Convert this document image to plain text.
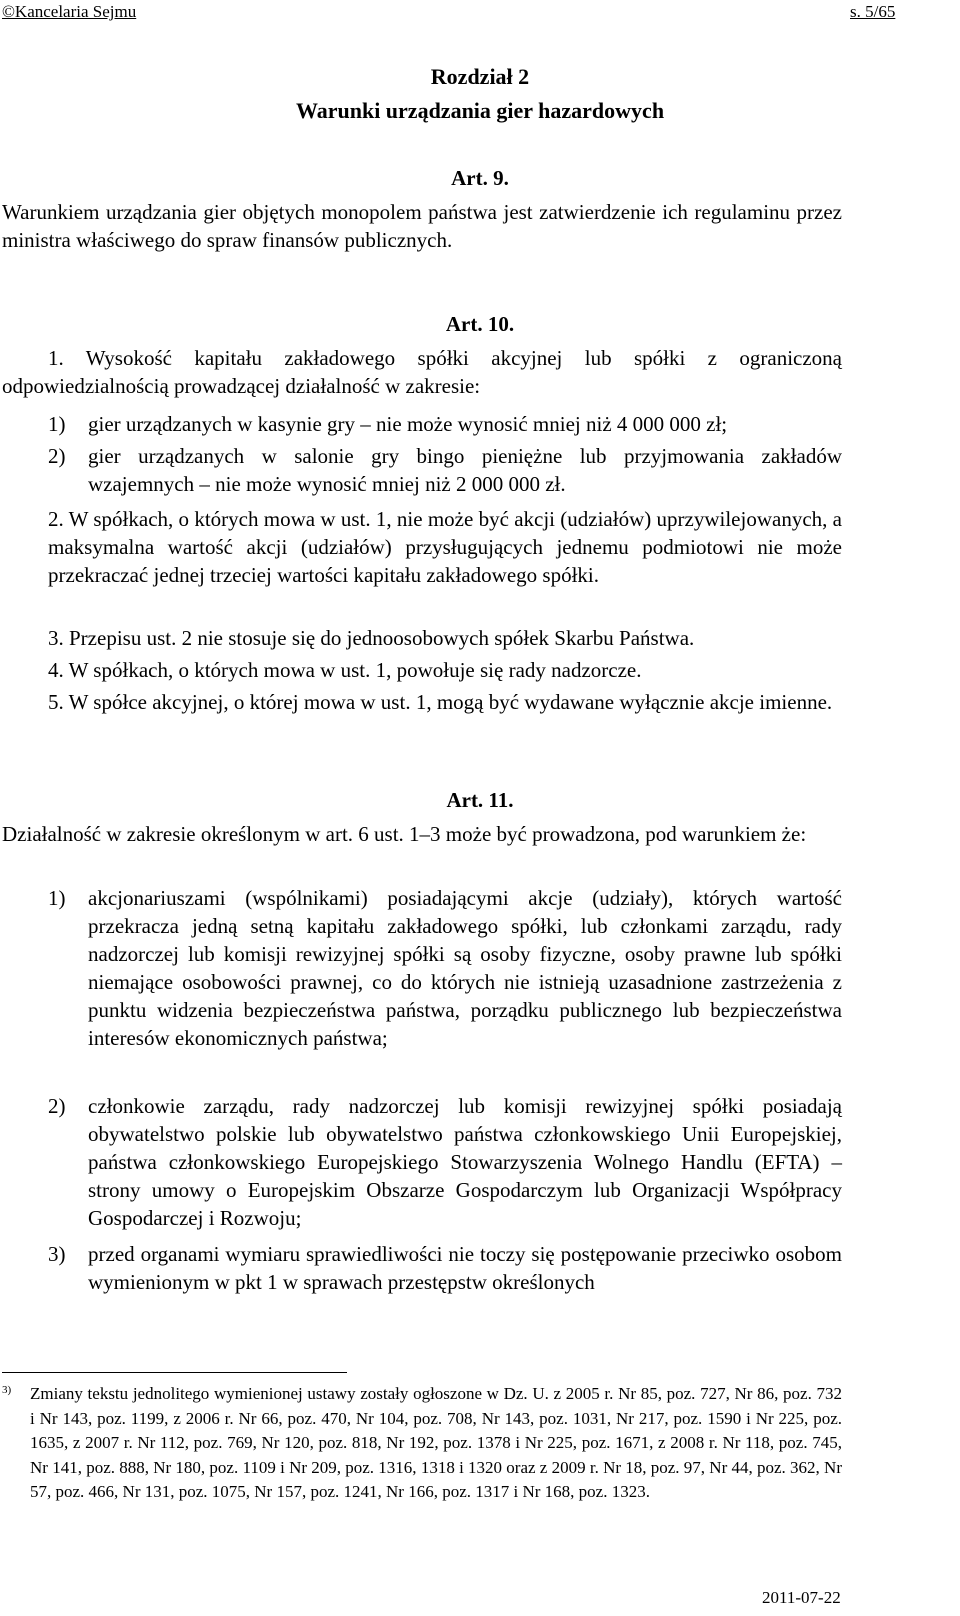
©Kancelaria Sejmu	s. 5/65
Rozdział 2
Warunki urządzania gier hazardowych
Art. 9.

Warunkiem urządzania gier objętych monopolem państwa jest zatwierdzenie ich regulaminu przez ministra właściwego do spraw finansów publicznych.

Art. 10.

1. Wysokość kapitału zakładowego spółki akcyjnej lub spółki z ograniczoną odpowiedzialnością prowadzącej działalność w zakresie:

1) gier urządzanych w kasynie gry – nie może wynosić mniej niż 4 000 000 zł;
2) gier urządzanych w salonie gry bingo pieniężne lub przyjmowania zakładów wzajemnych – nie może wynosić mniej niż 2 000 000 zł.
2. W spółkach, o których mowa w ust. 1, nie może być akcji (udziałów) uprzywilejowanych, a maksymalna wartość akcji (udziałów) przysługujących jednemu podmiotowi nie może przekraczać jednej trzeciej wartości kapitału zakładowego spółki.
3. Przepisu ust. 2 nie stosuje się do jednoosobowych spółek Skarbu Państwa.
4. W spółkach, o których mowa w ust. 1, powołuje się rady nadzorcze.
5. W spółce akcyjnej, o której mowa w ust. 1, mogą być wydawane wyłącznie akcje imienne.
Art. 11.

Działalność w zakresie określonym w art. 6 ust. 1–3 może być prowadzona, pod warunkiem że:

1) akcjonariuszami (wspólnikami) posiadającymi akcje (udziały), których wartość przekracza jedną setną kapitału zakładowego spółki, lub członkami zarządu, rady nadzorczej lub komisji rewizyjnej spółki są osoby fizyczne, osoby prawne lub spółki niemające osobowości prawnej, co do których nie istnieją uzasadnione zastrzeżenia z punktu widzenia bezpieczeństwa państwa, porządku publicznego lub bezpieczeństwa interesów ekonomicznych państwa;
2) członkowie zarządu, rady nadzorczej lub komisji rewizyjnej spółki posiadają obywatelstwo polskie lub obywatelstwo państwa członkowskiego Unii Europejskiej, państwa członkowskiego Europejskiego Stowarzyszenia Wolnego Handlu (EFTA) – strony umowy o Europejskim Obszarze Gospodarczym lub Organizacji Współpracy Gospodarczej i Rozwoju;
3) przed organami wymiaru sprawiedliwości nie toczy się postępowanie przeciwko osobom wymienionym w pkt 1 w sprawach przestępstw określonych
3) Zmiany tekstu jednolitego wymienionej ustawy zostały ogłoszone w Dz. U. z 2005 r. Nr 85, poz. 727, Nr 86, poz. 732 i Nr 143, poz. 1199, z 2006 r. Nr 66, poz. 470, Nr 104, poz. 708, Nr 143, poz. 1031, Nr 217, poz. 1590 i Nr 225, poz. 1635, z 2007 r. Nr 112, poz. 769, Nr 120, poz. 818, Nr 192, poz. 1378 i Nr 225, poz. 1671, z 2008 r. Nr 118, poz. 745, Nr 141, poz. 888, Nr 180, poz. 1109 i Nr 209, poz. 1316, 1318 i 1320 oraz z 2009 r. Nr 18, poz. 97, Nr 44, poz. 362, Nr 57, poz. 466, Nr 131, poz. 1075, Nr 157, poz. 1241, Nr 166, poz. 1317 i Nr 168, poz. 1323.
2011-07-22
